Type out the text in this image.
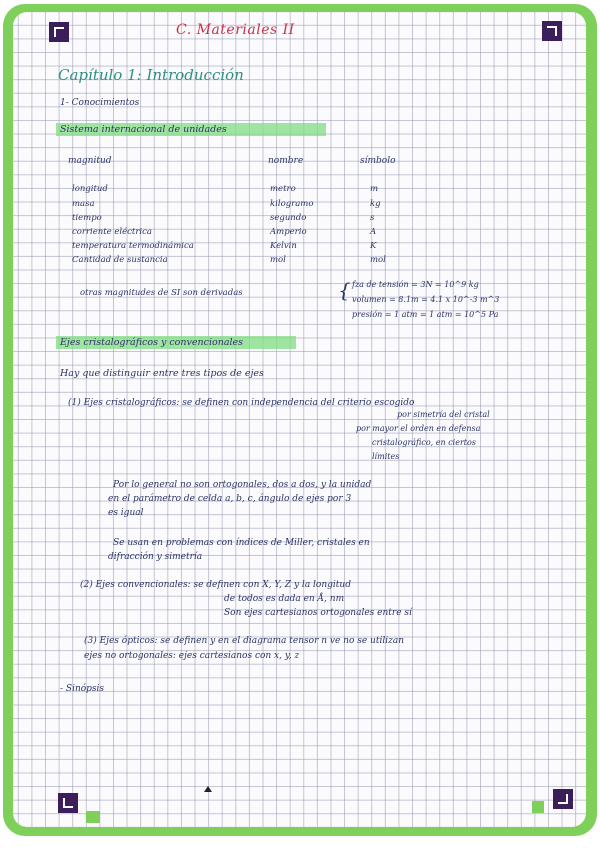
C. Materiales II
Capítulo 1: Introducción
1- Conocimientos
Sistema internacional de unidades
magnitud	nombre	símbolo
longitud	metro	m
masa	kilogramo	kg
tiempo	segundo	s
corriente eléctrica	Amperio	A
temperatura termodinámica	Kelvin	K
Cantidad de sustancia	mol	mol
otras magnitudes de SI son derivadas	{ fza de tensión = 3N = 10^9 kg
volumen = 8.1m = 4.1 x 10^-3 m^3
presión = 1 atm = 1 atm = 10^5 Pa
Ejes cristalográficos y convencionales
Hay que distinguir entre tres tipos de ejes
(1) Ejes cristalográficos: se definen con independencia del criterio escogido
por simetría del cristal
por mayor el orden en defensa
cristalográfico, en ciertos
límites
Por lo general no son ortogonales, dos a dos, y la unidad
en el parámetro de celda a, b, c, ángulo de ejes por 3
es igual
Se usan en problemas con índices de Miller, cristales en
difracción y simetría
(2) Ejes convencionales: se definen con X, Y, Z y la longitud
de todos es dada en Å, nm
Son ejes cartesianos ortogonales entre sí
(3) Ejes ópticos: se definen y en el diagrama tensor n ve no se utilizan
ejes no ortogonales: ejes cartesianos con x, y, z
- Sinópsis
